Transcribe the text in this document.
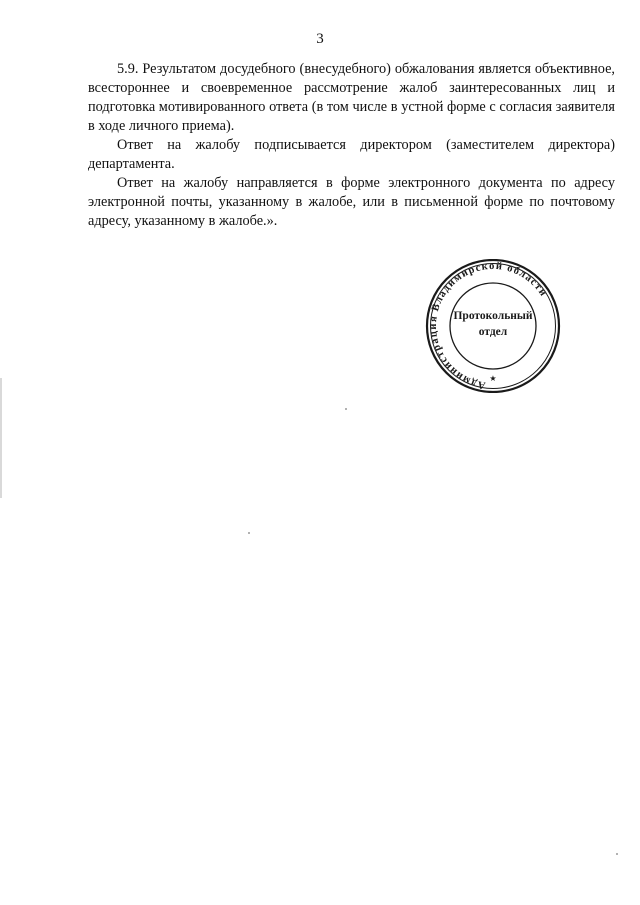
3

5.9. Результатом досудебного (внесудебного) обжалования является объективное, всестороннее и своевременное рассмотрение жалоб заинтересованных лиц и подготовка мотивированного ответа (в том числе в устной форме с согласия заявителя в ходе личного приема).

Ответ на жалобу подписывается директором (заместителем директора) департамента.

Ответ на жалобу направляется в форме электронного документа по адресу электронной почты, указанному в жалобе, или в письменной форме по почтовому адресу, указанному в жалобе.».

Администрация Владимирской области
Протокольный
отдел
★
